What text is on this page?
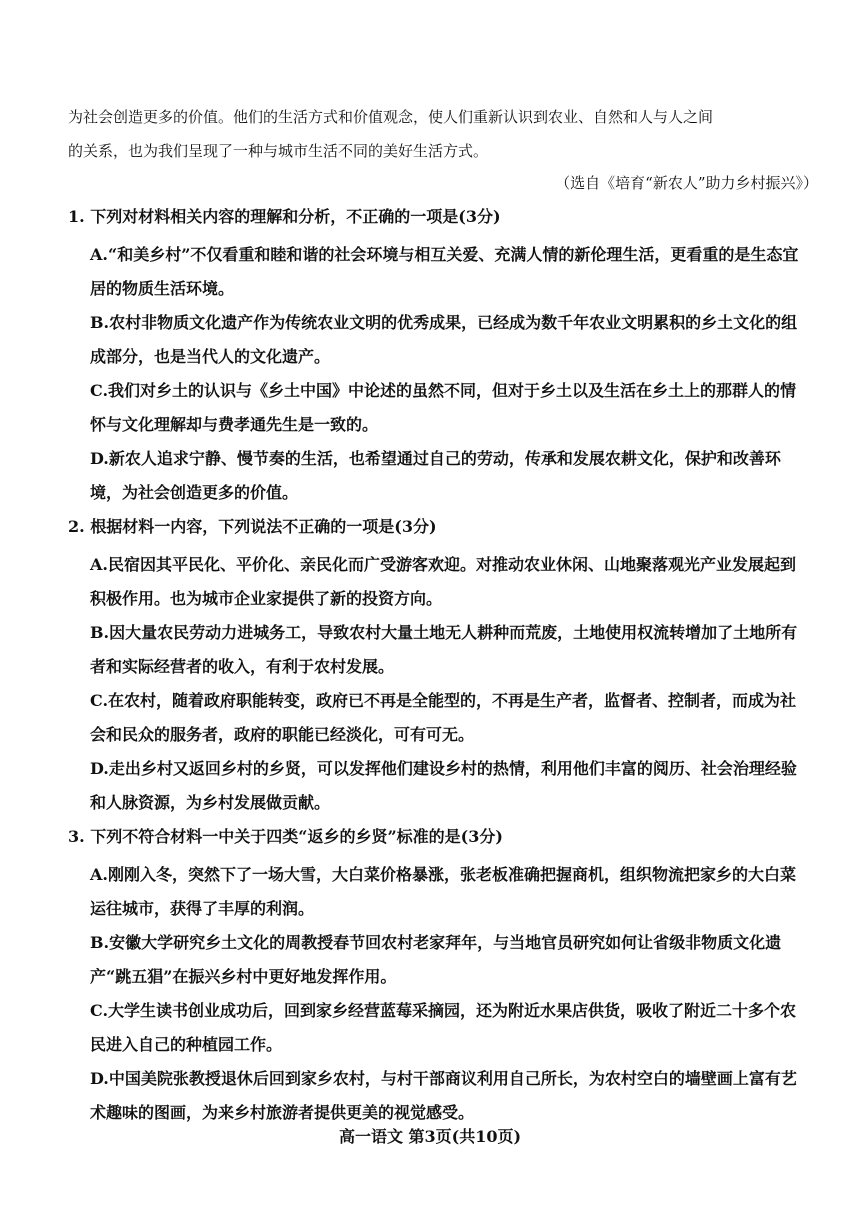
为社会创造更多的价值。他们的生活方式和价值观念，使人们重新认识到农业、自然和人与人之间

的关系，也为我们呈现了一种与城市生活不同的美好生活方式。

（选自《培育“新农人”助力乡村振兴》）
1. 下列对材料相关内容的理解和分析，不正确的一项是(3分)
A.“和美乡村”不仅看重和睦和谐的社会环境与相互关爱、充满人情的新伦理生活，更看重的是生态宜居的物质生活环境。
B.农村非物质文化遗产作为传统农业文明的优秀成果，已经成为数千年农业文明累积的乡土文化的组成部分，也是当代人的文化遗产。
C.我们对乡土的认识与《乡土中国》中论述的虽然不同，但对于乡土以及生活在乡土上的那群人的情怀与文化理解却与费孝通先生是一致的。
D.新农人追求宁静、慢节奏的生活，也希望通过自己的劳动，传承和发展农耕文化，保护和改善环境，为社会创造更多的价值。
2. 根据材料一内容，下列说法不正确的一项是(3分)
A.民宿因其平民化、平价化、亲民化而广受游客欢迎。对推动农业休闲、山地聚落观光产业发展起到积极作用。也为城市企业家提供了新的投资方向。
B.因大量农民劳动力进城务工，导致农村大量土地无人耕种而荒废，土地使用权流转增加了土地所有者和实际经营者的收入，有利于农村发展。
C.在农村，随着政府职能转变，政府已不再是全能型的，不再是生产者，监督者、控制者，而成为社会和民众的服务者，政府的职能已经淡化，可有可无。
D.走出乡村又返回乡村的乡贤，可以发挥他们建设乡村的热情，利用他们丰富的阅历、社会治理经验和人脉资源，为乡村发展做贡献。
3. 下列不符合材料一中关于四类“返乡的乡贤”标准的是(3分)
A.刚刚入冬，突然下了一场大雪，大白菜价格暴涨，张老板准确把握商机，组织物流把家乡的大白菜运往城市，获得了丰厚的利润。
B.安徽大学研究乡土文化的周教授春节回农村老家拜年，与当地官员研究如何让省级非物质文化遗产“跳五猖”在振兴乡村中更好地发挥作用。
C.大学生读书创业成功后，回到家乡经营蓝莓采摘园，还为附近水果店供货，吸收了附近二十多个农民进入自己的种植园工作。
D.中国美院张教授退休后回到家乡农村，与村干部商议利用自己所长，为农村空白的墙壁画上富有艺术趣味的图画，为来乡村旅游者提供更美的视觉感受。
高一语文 第3页(共10页)
